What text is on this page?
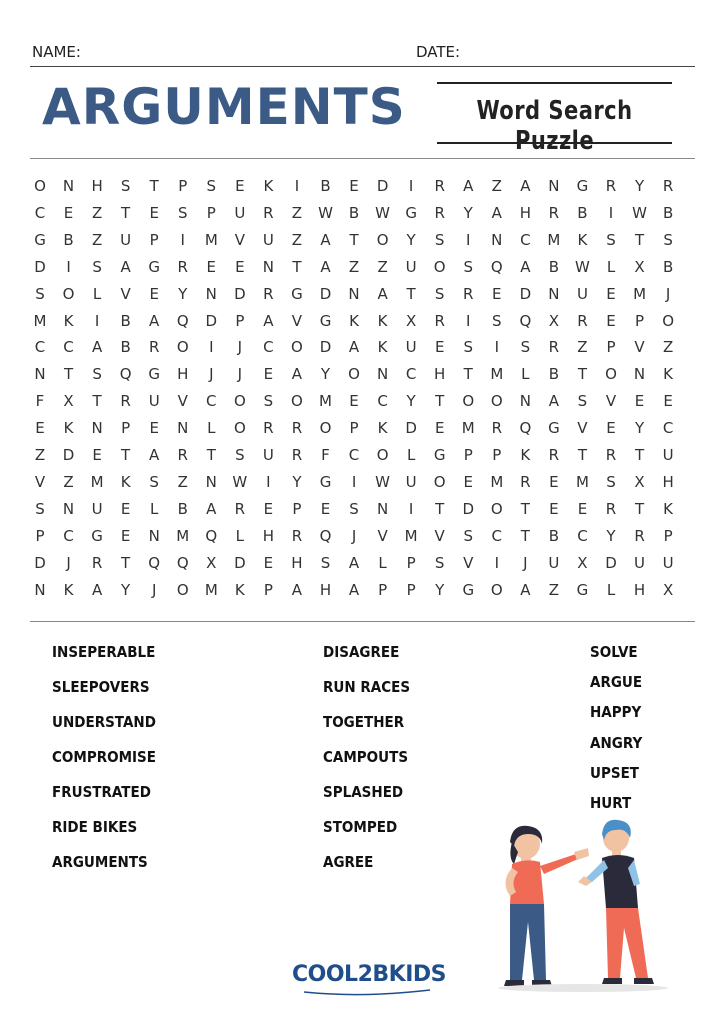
NAME:	DATE:
ARGUMENTS	Word Search Puzzle
O	N	H	S	T	P	S	E	K	I	B	E	D	I	R	A	Z	A	N	G	R	Y	R
C	E	Z	T	E	S	P	U	R	Z	W	B	W	G	R	Y	A	H	R	B	I	W	B
G	B	Z	U	P	I	M	V	U	Z	A	T	O	Y	S	I	N	C	M	K	S	T	S
D	I	S	A	G	R	E	E	N	T	A	Z	Z	U	O	S	Q	A	B	W	L	X	B
S	O	L	V	E	Y	N	D	R	G	D	N	A	T	S	R	E	D	N	U	E	M	J
M	K	I	B	A	Q	D	P	A	V	G	K	K	X	R	I	S	Q	X	R	E	P	O
C	C	A	B	R	O	I	J	C	O	D	A	K	U	E	S	I	S	R	Z	P	V	Z
N	T	S	Q	G	H	J	J	E	A	Y	O	N	C	H	T	M	L	B	T	O	N	K
F	X	T	R	U	V	C	O	S	O	M	E	C	Y	T	O	O	N	A	S	V	E	E
E	K	N	P	E	N	L	O	R	R	O	P	K	D	E	M	R	Q	G	V	E	Y	C
Z	D	E	T	A	R	T	S	U	R	F	C	O	L	G	P	P	K	R	T	R	T	U
V	Z	M	K	S	Z	N	W	I	Y	G	I	W	U	O	E	M	R	E	M	S	X	H
S	N	U	E	L	B	A	R	E	P	E	S	N	I	T	D	O	T	E	E	R	T	K
P	C	G	E	N	M	Q	L	H	R	Q	J	V	M	V	S	C	T	B	C	Y	R	P
D	J	R	T	Q	Q	X	D	E	H	S	A	L	P	S	V	I	J	U	X	D	U	U
N	K	A	Y	J	O	M	K	P	A	H	A	P	P	Y	G	O	A	Z	G	L	H	X
INSEPERABLE
SLEEPOVERS
UNDERSTAND
COMPROMISE
FRUSTRATED
RIDE BIKES
ARGUMENTS
DISAGREE
RUN RACES
TOGETHER
CAMPOUTS
SPLASHED
STOMPED
AGREE
SOLVE
ARGUE
HAPPY
ANGRY
UPSET
HURT
COOL2BKIDS
